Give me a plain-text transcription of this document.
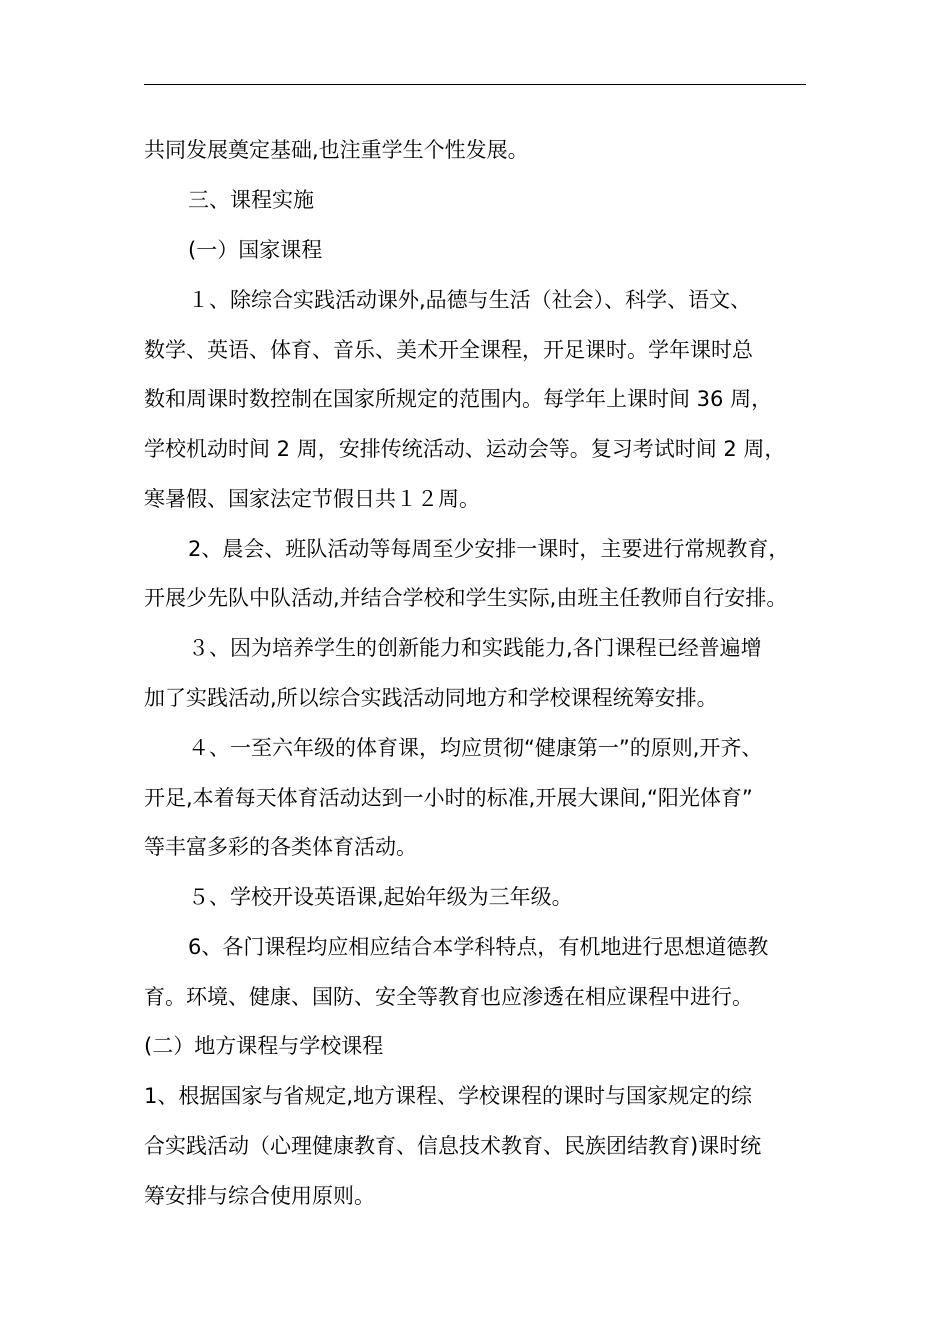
共同发展奠定基础,也注重学生个性发展。
三、课程实施
(一）国家课程
１、除综合实践活动课外,品德与生活（社会）、科学、语文、
数学、英语、体育、音乐、美术开全课程，开足课时。学年课时总
数和周课时数控制在国家所规定的范围内。每学年上课时间 36 周，
学校机动时间 2 周，安排传统活动、运动会等。复习考试时间 2 周，
寒暑假、国家法定节假日共１２周。
2、晨会、班队活动等每周至少安排一课时，主要进行常规教育，
开展少先队中队活动,并结合学校和学生实际,由班主任教师自行安排。
３、因为培养学生的创新能力和实践能力,各门课程已经普遍增
加了实践活动,所以综合实践活动同地方和学校课程统筹安排。
４、一至六年级的体育课，均应贯彻“健康第一”的原则,开齐、
开足,本着每天体育活动达到一小时的标准,开展大课间,“阳光体育”
等丰富多彩的各类体育活动。
５、学校开设英语课,起始年级为三年级。
6、各门课程均应相应结合本学科特点，有机地进行思想道德教
育。环境、健康、国防、安全等教育也应渗透在相应课程中进行。
(二）地方课程与学校课程
1、根据国家与省规定,地方课程、学校课程的课时与国家规定的综
合实践活动（心理健康教育、信息技术教育、民族团结教育)课时统
筹安排与综合使用原则。
